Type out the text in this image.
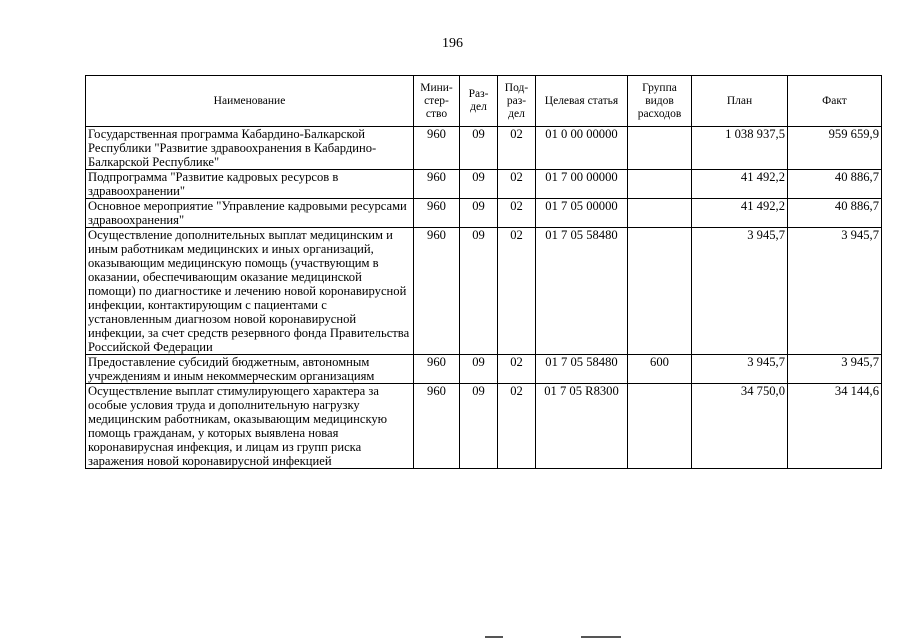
196
Наименование	Мини-стер-ство	Раз-дел	Под-раз-дел	Целевая статья	Группа видов расходов	План	Факт
Государственная программа Кабардино-Балкарской Республики "Развитие здравоохранения в Кабардино-Балкарской Республике"	960	09	02	01 0 00 00000		1 038 937,5	959 659,9
Подпрограмма "Развитие кадровых ресурсов в здравоохранении"	960	09	02	01 7 00 00000		41 492,2	40 886,7
Основное мероприятие "Управление кадровыми ресурсами здравоохранения"	960	09	02	01 7 05 00000		41 492,2	40 886,7
Осуществление дополнительных выплат медицинским и иным работникам медицинских и иных организаций, оказывающим медицинскую помощь (участвующим в оказании, обеспечивающим оказание медицинской помощи) по диагностике и лечению новой коронавирусной инфекции, контактирующим с пациентами с установленным диагнозом новой коронавирусной инфекции, за счет средств резервного фонда Правительства Российской Федерации	960	09	02	01 7 05 58480		3 945,7	3 945,7
Предоставление субсидий бюджетным, автономным учреждениям и иным некоммерческим организациям	960	09	02	01 7 05 58480	600	3 945,7	3 945,7
Осуществление выплат стимулирующего характера за особые условия труда и дополнительную нагрузку медицинским работникам, оказывающим медицинскую помощь гражданам, у которых выявлена новая коронавирусная инфекция, и лицам из групп риска заражения новой коронавирусной инфекцией	960	09	02	01 7 05 R8300		34 750,0	34 144,6
